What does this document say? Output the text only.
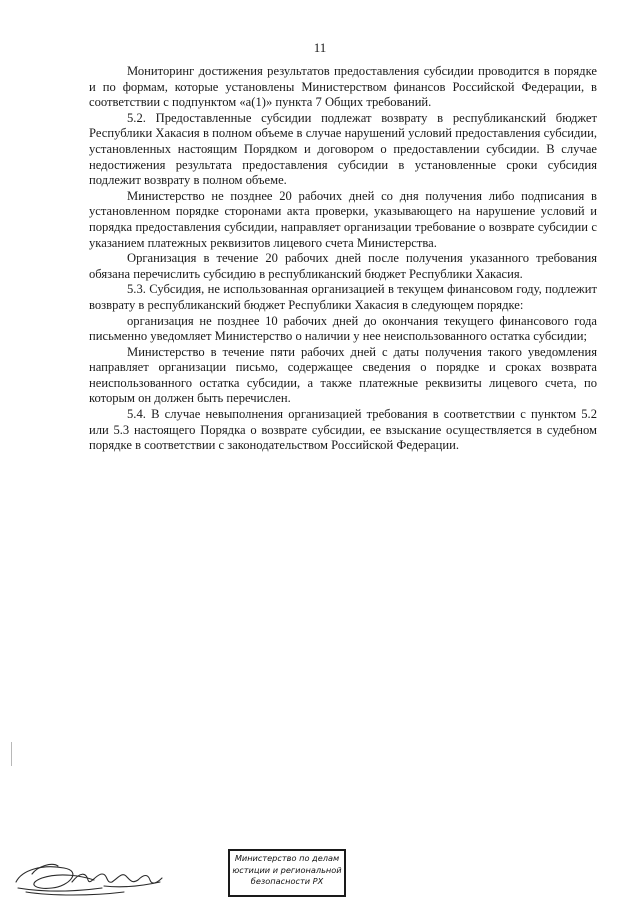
11

Мониторинг достижения результатов предоставления субсидии проводится в порядке и по формам, которые установлены Министерством финансов Российской Федерации, в соответствии с подпунктом «а(1)» пункта 7 Общих требований.

5.2. Предоставленные субсидии подлежат возврату в республиканский бюджет Республики Хакасия в полном объеме в случае нарушений условий предоставления субсидии, установленных настоящим Порядком и договором о предоставлении субсидии. В случае недостижения результата предоставления субсидии в установленные сроки субсидия подлежит возврату в полном объеме.

Министерство не позднее 20 рабочих дней со дня получения либо подписания в установленном порядке сторонами акта проверки, указывающего на нарушение условий и порядка предоставления субсидии, направляет организации требование о возврате субсидии с указанием платежных реквизитов лицевого счета Министерства.

Организация в течение 20 рабочих дней после получения указанного требования обязана перечислить субсидию в республиканский бюджет Республики Хакасия.

5.3. Субсидия, не использованная организацией в текущем финансовом году, подлежит возврату в республиканский бюджет Республики Хакасия в следующем порядке:

организация не позднее 10 рабочих дней до окончания текущего финансового года письменно уведомляет Министерство о наличии у нее неиспользованного остатка субсидии;

Министерство в течение пяти рабочих дней с даты получения такого уведомления направляет организации письмо, содержащее сведения о порядке и сроках возврата неиспользованного остатка субсидии, а также платежные реквизиты лицевого счета, по которым он должен быть перечислен.

5.4. В случае невыполнения организацией требования в соответствии с пунктом 5.2 или 5.3 настоящего Порядка о возврате субсидии, ее взыскание осуществляется в судебном порядке в соответствии с законодательством Российской Федерации.

Министерство по делам
юстиции и региональной
безопасности РХ
